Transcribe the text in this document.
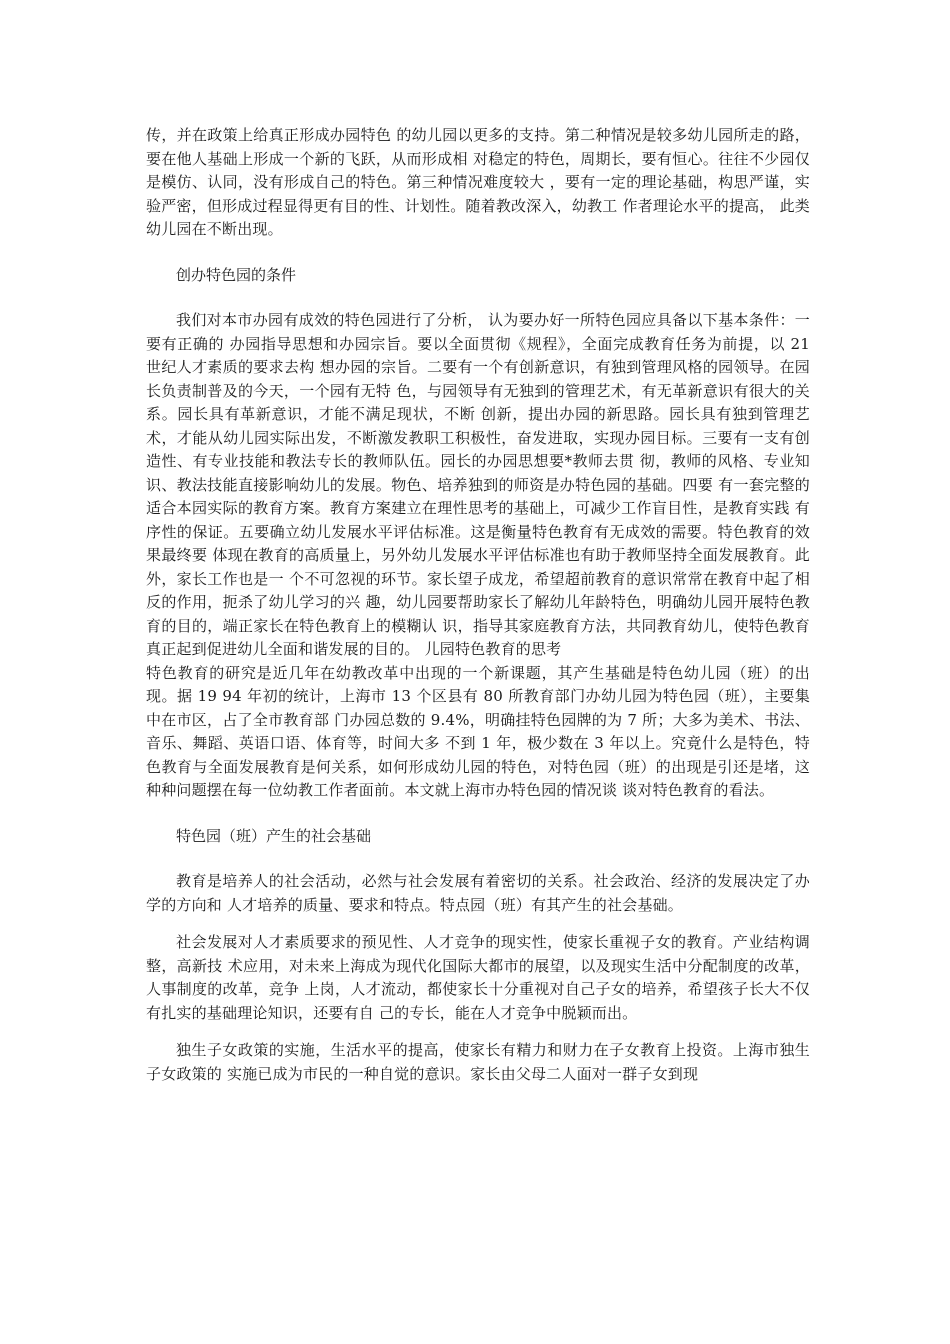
传，并在政策上给真正形成办园特色 的幼儿园以更多的支持。第二种情况是较多幼儿园所走的路，要在他人基础上形成一个新的飞跃，从而形成相 对稳定的特色，周期长，要有恒心。往往不少园仅是模仿、认同，没有形成自己的特色。第三种情况难度较大 ，要有一定的理论基础，构思严谨，实验严密，但形成过程显得更有目的性、计划性。随着教改深入，幼教工 作者理论水平的提高， 此类幼儿园在不断出现。

创办特色园的条件

我们对本市办园有成效的特色园进行了分析， 认为要办好一所特色园应具备以下基本条件：一要有正确的 办园指导思想和办园宗旨。要以全面贯彻《规程》，全面完成教育任务为前提，以 21 世纪人才素质的要求去构 想办园的宗旨。二要有一个有创新意识，有独到管理风格的园领导。在园长负责制普及的今天，一个园有无特 色，与园领导有无独到的管理艺术，有无革新意识有很大的关系。园长具有革新意识，才能不满足现状，不断 创新，提出办园的新思路。园长具有独到管理艺术，才能从幼儿园实际出发，不断激发教职工积极性，奋发进取，实现办园目标。三要有一支有创造性、有专业技能和教法专长的教师队伍。园长的办园思想要*教师去贯 彻，教师的风格、专业知识、教法技能直接影响幼儿的发展。物色、培养独到的师资是办特色园的基础。四要 有一套完整的适合本园实际的教育方案。教育方案建立在理性思考的基础上，可减少工作盲目性，是教育实践 有序性的保证。五要确立幼儿发展水平评估标准。这是衡量特色教育有无成效的需要。特色教育的效果最终要 体现在教育的高质量上，另外幼儿发展水平评估标准也有助于教师坚持全面发展教育。此外，家长工作也是一 个不可忽视的环节。家长望子成龙，希望超前教育的意识常常在教育中起了相反的作用，扼杀了幼儿学习的兴 趣，幼儿园要帮助家长了解幼儿年龄特色，明确幼儿园开展特色教育的目的，端正家长在特色教育上的模糊认 识，指导其家庭教育方法，共同教育幼儿，使特色教育真正起到促进幼儿全面和谐发展的目的。 儿园特色教育的思考

特色教育的研究是近几年在幼教改革中出现的一个新课题，其产生基础是特色幼儿园（班）的出现。据 19 94 年初的统计，上海市 13 个区县有 80 所教育部门办幼儿园为特色园（班），主要集中在市区，占了全市教育部 门办园总数的 9.4%，明确挂特色园牌的为 7 所；大多为美术、书法、音乐、舞蹈、英语口语、体育等，时间大多 不到 1 年，极少数在 3 年以上。究竟什么是特色，特色教育与全面发展教育是何关系，如何形成幼儿园的特色，对特色园（班）的出现是引还是堵，这种种问题摆在每一位幼教工作者面前。本文就上海市办特色园的情况谈 谈对特色教育的看法。

特色园（班）产生的社会基础

教育是培养人的社会活动，必然与社会发展有着密切的关系。社会政治、经济的发展决定了办学的方向和 人才培养的质量、要求和特点。特点园（班）有其产生的社会基础。

社会发展对人才素质要求的预见性、人才竞争的现实性，使家长重视子女的教育。产业结构调整，高新技 术应用，对未来上海成为现代化国际大都市的展望，以及现实生活中分配制度的改革，人事制度的改革，竞争 上岗，人才流动，都使家长十分重视对自己子女的培养，希望孩子长大不仅有扎实的基础理论知识，还要有自 己的专长，能在人才竞争中脱颖而出。

独生子女政策的实施，生活水平的提高，使家长有精力和财力在子女教育上投资。上海市独生子女政策的 实施已成为市民的一种自觉的意识。家长由父母二人面对一群子女到现
